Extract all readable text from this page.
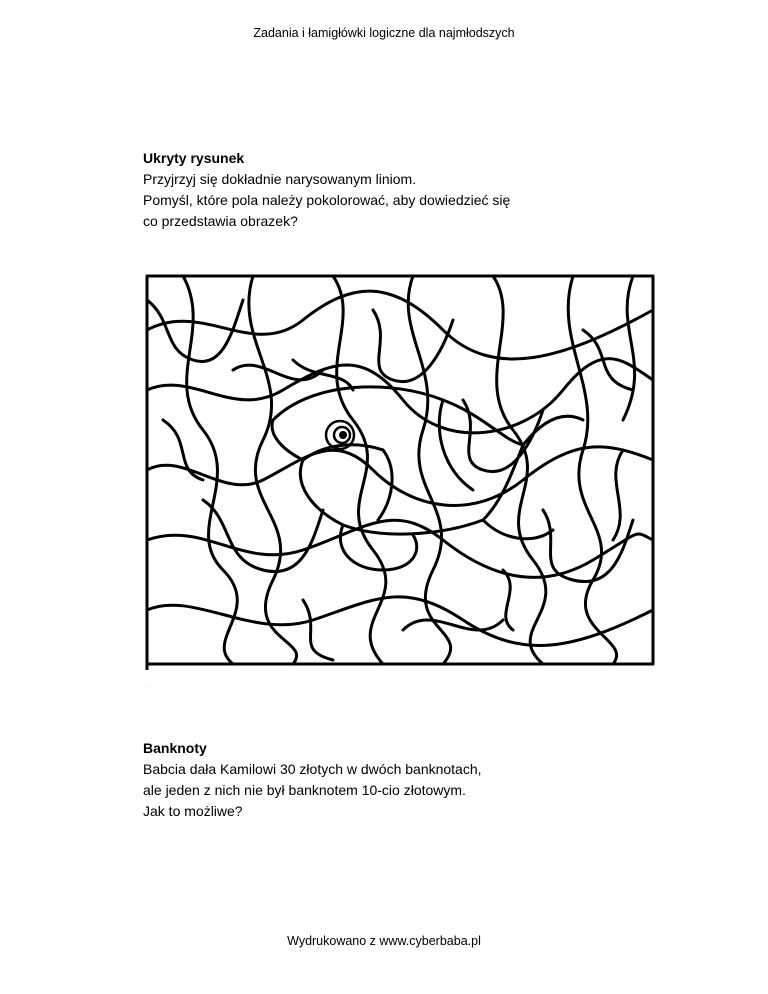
Zadania i łamigłówki logiczne dla najmłodszych
Ukryty rysunek
Przyjrzyj się dokładnie narysowanym liniom.
Pomyśl, które pola należy pokolorować, aby dowiedzieć się
co przedstawia obrazek?
·
Banknoty
Babcia dała Kamilowi 30 złotych w dwóch banknotach,
ale jeden z nich nie był banknotem 10-cio złotowym.
Jak to możliwe?
Wydrukowano z www.cyberbaba.pl
